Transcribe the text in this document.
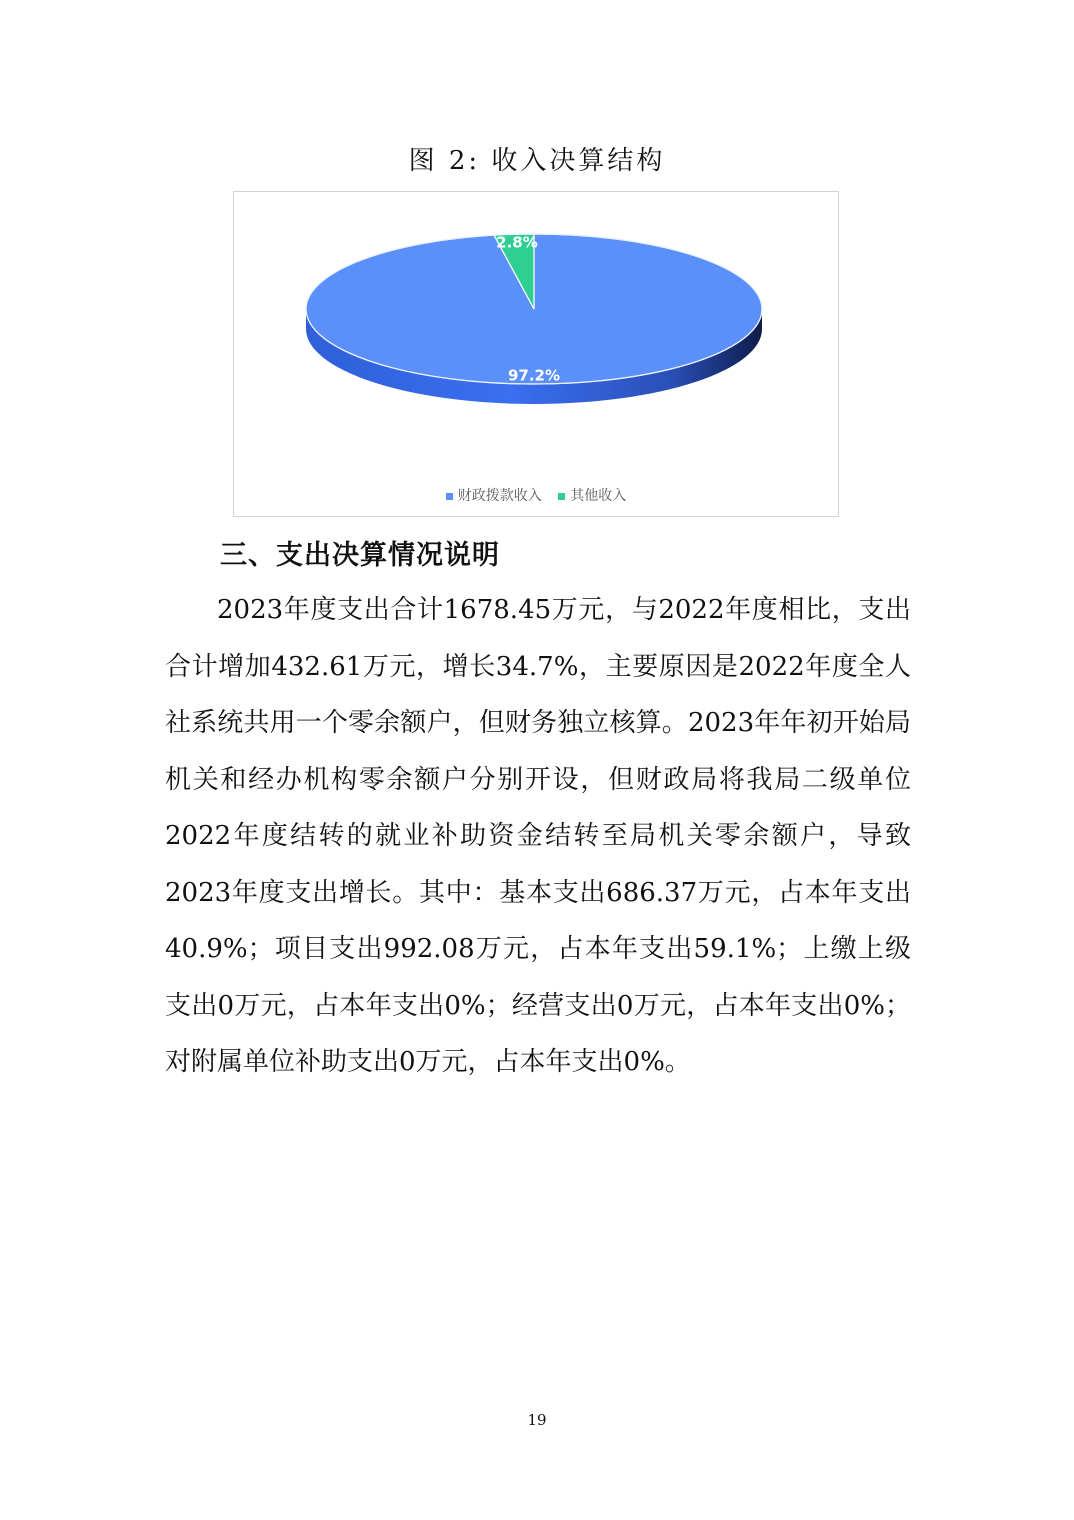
图 2: 收入决算结构
97.2%
2.8%
财政拨款收入 其他收入
三、支出决算情况说明

2023年度支出合计1678.45万元，与2022年度相比，支出合计增加432.61万元，增长34.7%，主要原因是2022年度全人社系统共用一个零余额户，但财务独立核算。2023年年初开始局机关和经办机构零余额户分别开设，但财政局将我局二级单位2022年度结转的就业补助资金结转至局机关零余额户，导致2023年度支出增长。其中：基本支出686.37万元，占本年支出40.9%；项目支出992.08万元，占本年支出59.1%；上缴上级支出0万元，占本年支出0%；经营支出0万元，占本年支出0%；对附属单位补助支出0万元，占本年支出0%。

19
